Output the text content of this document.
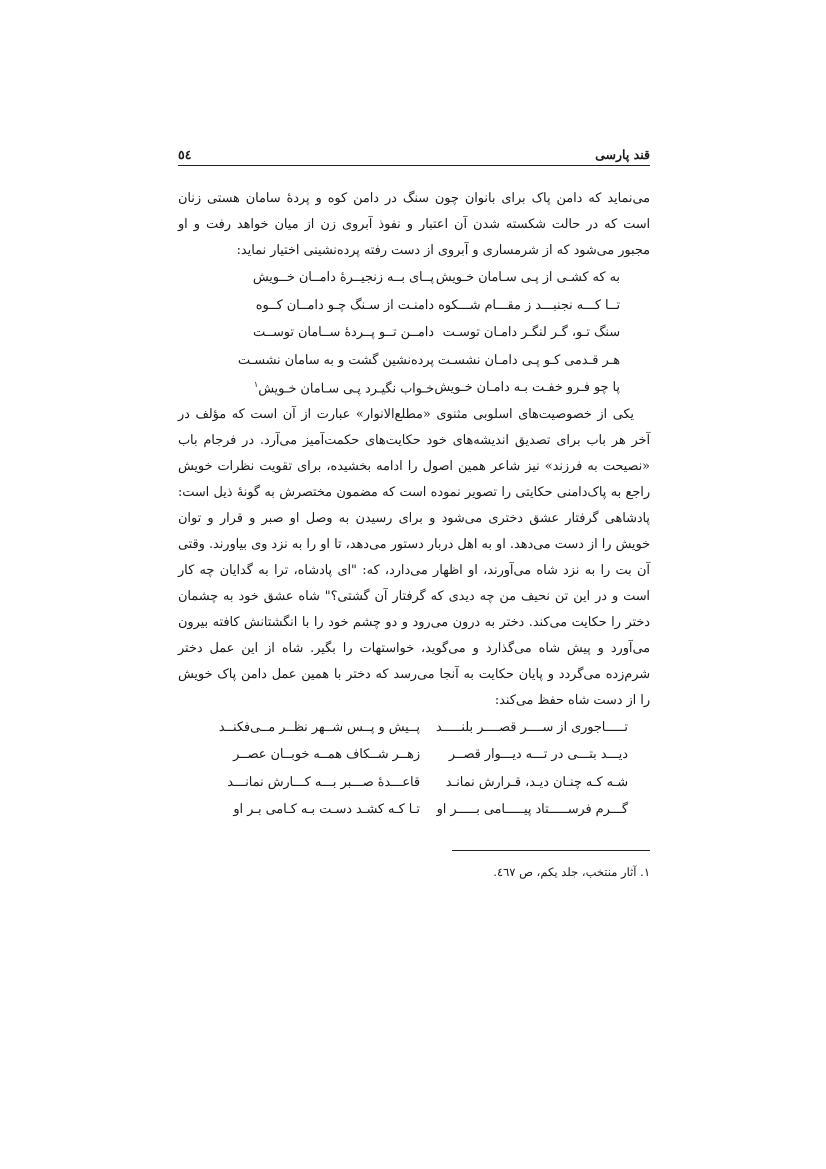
قند پارسی
٥٤

می‌نماید که دامن پاک برای بانوان چون سنگ در دامن کوه و پردهٔ سامان هستی زنان است که در حالت شکسته شدن آن اعتبار و نفوذ آبروی زن از میان خواهد رفت و او مجبور می‌شود که از شرمساری و آبروی از دست رفته پرده‌نشینی اختیار نماید:

به که کشـی از پـی سـامان خـویش
پــای بــه زنجیــرهٔ دامــان خــویش
تــا کـــه نجنبـــد ز مقـــام شـــکوه
دامنـت از سـنگ چـو دامــان کــوه
سنگ تـو، گـر لنگـر دامـان توسـت
دامــن تــو پــردهٔ ســامان توســت
هـر قـدمی کـو پـی دامـان نشسـت
پرده‌نشین گشت و به سامان نشسـت
پا چو فـرو خفـت بـه دامـان خـویش
خـواب نگیـرد پـی سـامان خـویش$^١$

یکی از خصوصیت‌های اسلوبی مثنوی «مطلع‌الانوار» عبارت از آن است که مؤلف در آخر هر باب برای تصدیق اندیشه‌های خود حکایت‌های حکمت‌آمیز می‌آرد. در فرجام باب «نصیحت به فرزند» نیز شاعر همین اصول را ادامه بخشیده، برای تقویت نظرات خویش راجع به پاک‌دامنی حکایتی را تصویر نموده است که مضمون مختصرش به گونهٔ ذیل است: پادشاهی گرفتار عشق دختری می‌شود و برای رسیدن به وصل او صبر و قرار و توان خویش را از دست می‌دهد. او به اهل دربار دستور می‌دهد، تا او را به نزد وی بیاورند. وقتی آن بت را به نزد شاه می‌آورند، او اظهار می‌دارد، که: "ای پادشاه، ترا به گدایان چه کار است و در این تن نحیف من چه دیدی که گرفتار آن گشتی؟" شاه عشق خود به چشمان دختر را حکایت می‌کند. دختر به درون می‌رود و دو چشم خود را با انگشتانش کافته بیرون می‌آورد و پیش شاه می‌گذارد و می‌گوید، خواستهات را بگیر. شاه از این عمل دختر شرم‌زده می‌گردد و پایان حکایت به آنجا می‌رسد که دختر با همین عمل دامن پاک خویش را از دست شاه حفظ می‌کند:

تـــــاجوری از ســــر قصــــر بلنـــــد
پــیش و پــس شــهر نظــر مــی‌فکنــد
دیـــد بتـــی در تـــه دیـــوار قصــر
زهــر شــکاف همــه خوبــان عصــر
شـه کـه چنـان دیـد، قـرارش نمانـد
قاعـــدهٔ صـــبر بـــه کـــارش نمانـــد
گـــرم فرســـــتاد پیـــــامی بـــــر او
تـا کـه کشـد دسـت بـه کـامی بـر او
١. آثار منتخب، جلد یکم، ص ٤٦٧.
